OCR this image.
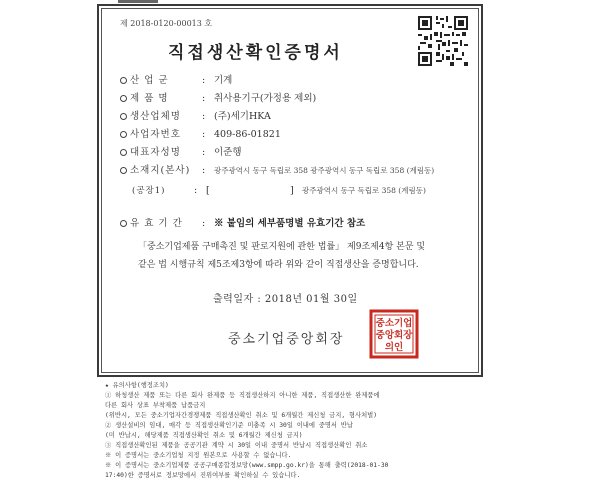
제 2018-0120-00013 호
직접생산확인증명서
산 업 군	: 기계
제 품 명	: 취사용기구(가정용 제외)
생산업체명 : (주)세기HKA
사업자번호 : 409-86-01821
대표자성명 : 이준행
소재지(본사) : 광주광역시 동구 독립로 358 광주광역시 동구 독립로 358 (계림동)
(공장1)	: [	] 광주광역시 동구 독립로 358 (계림동)
유 효 기 간 : ※ 붙임의 세부품명별 유효기간 참조
「중소기업제품 구매촉진 및 판로지원에 관한 법률」 제9조제4항 본문 및
같은 법 시행규칙 제5조제3항에 따라 위와 같이 직접생산을 증명합니다.
출력일자 : 2018년 01월 30일
중소기업중앙회장
중소기업
중앙회장
의인
★ 유의사항(행정조치)
① 하청생산 제품 또는 다른 회사 완제품 등 직접생산하지 아니한 제품, 직접생산한 완제품에
다른 회사 상표 부착제품 납품금지
(위반시, 모든 중소기업자간경쟁제품 직접생산확인 취소 및 6개월간 제신청 금지, 형사처벌)
② 생산설비의 임대, 매각 등 직접생산확인기준 미충족 시 30일 이내에 중명서 반납
(미 반납시, 해당제품 직접생산확인 취소 및 6개월간 제신청 금지)
③ 직접생산확인된 제품을 공공기관 계약 시 30일 이내 중명서 반납시 직접생산확인 취소
※ 이 증명서는 중소기업청 지정 원본으로 사용할 수 없습니다.
※ 이 증명서는 중소기업제품 공공구매종합정보망(www.smpp.go.kr)을 통해 출력(2018-01-30
17:40)한 증명서로 정보망에서 진위여부를 확인하실 수 있습니다.
